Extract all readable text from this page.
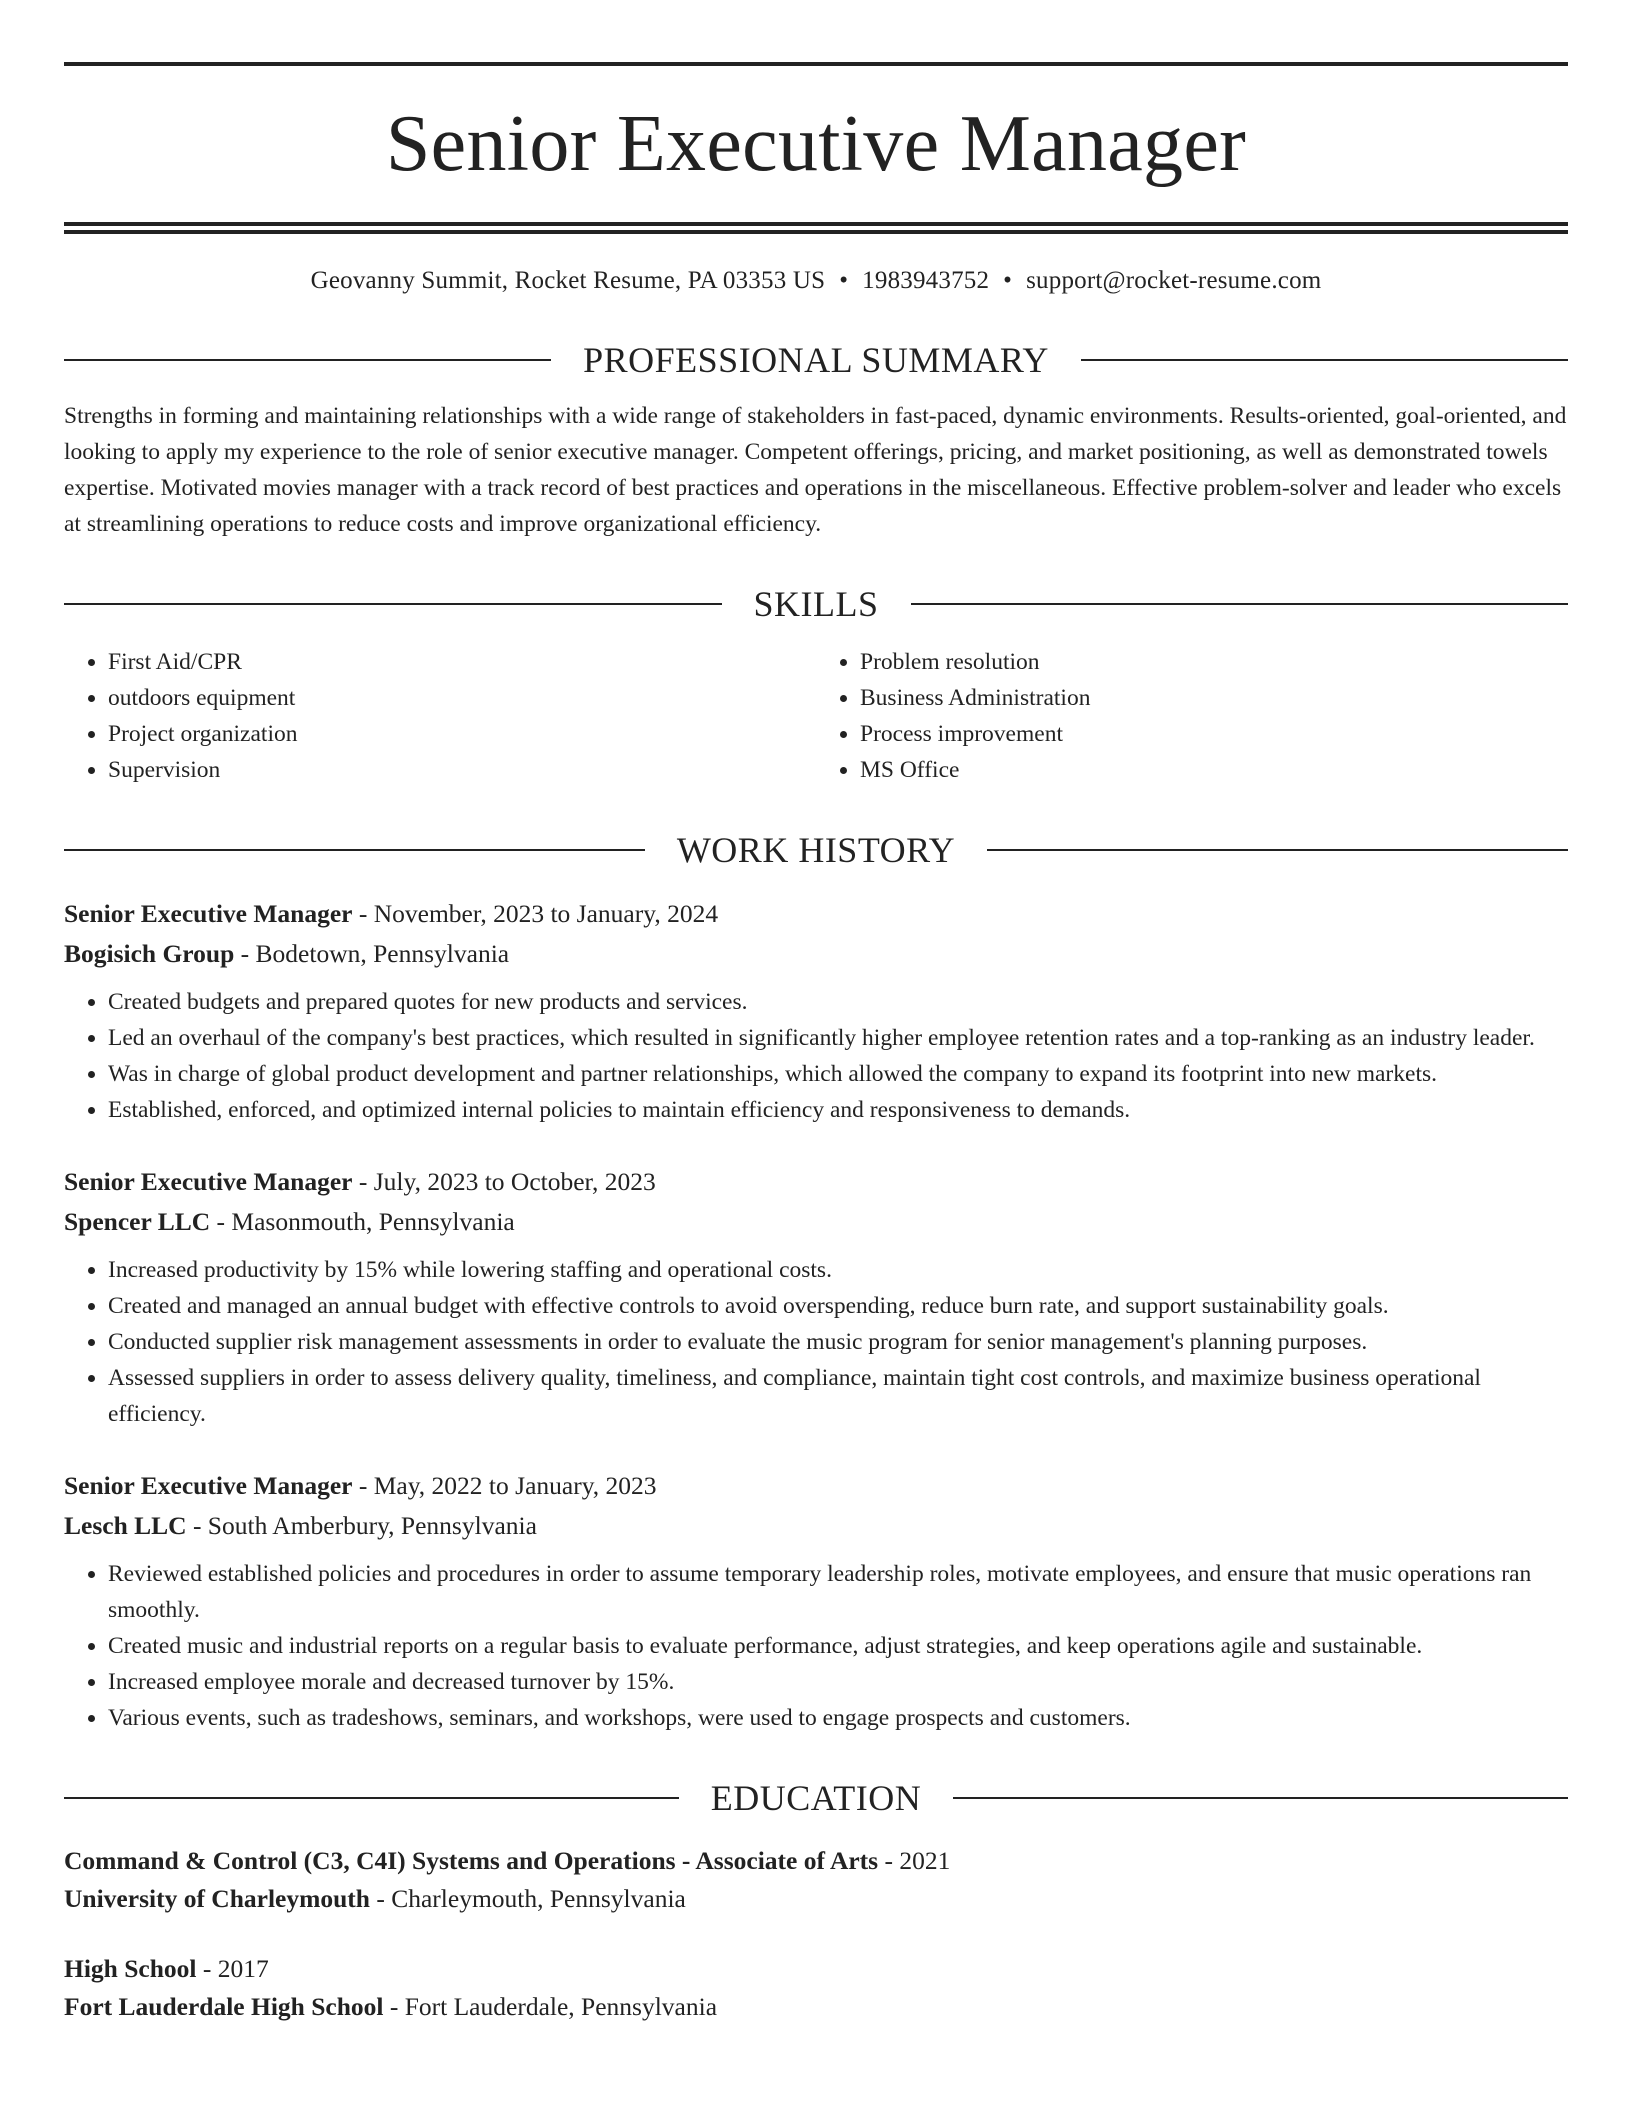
Senior Executive Manager
Geovanny Summit, Rocket Resume, PA 03353 US • 1983943752 • support@rocket-resume.com
PROFESSIONAL SUMMARY
Strengths in forming and maintaining relationships with a wide range of stakeholders in fast-paced, dynamic environments. Results-oriented, goal-oriented, and looking to apply my experience to the role of senior executive manager. Competent offerings, pricing, and market positioning, as well as demonstrated towels expertise. Motivated movies manager with a track record of best practices and operations in the miscellaneous. Effective problem-solver and leader who excels at streamlining operations to reduce costs and improve organizational efficiency.
SKILLS
• First Aid/CPR
• outdoors equipment
• Project organization
• Supervision
• Problem resolution
• Business Administration
• Process improvement
• MS Office
WORK HISTORY
Senior Executive Manager - November, 2023 to January, 2024
Bogisich Group - Bodetown, Pennsylvania
• Created budgets and prepared quotes for new products and services.
• Led an overhaul of the company's best practices, which resulted in significantly higher employee retention rates and a top-ranking as an industry leader.
• Was in charge of global product development and partner relationships, which allowed the company to expand its footprint into new markets.
• Established, enforced, and optimized internal policies to maintain efficiency and responsiveness to demands.
Senior Executive Manager - July, 2023 to October, 2023
Spencer LLC - Masonmouth, Pennsylvania
• Increased productivity by 15% while lowering staffing and operational costs.
• Created and managed an annual budget with effective controls to avoid overspending, reduce burn rate, and support sustainability goals.
• Conducted supplier risk management assessments in order to evaluate the music program for senior management's planning purposes.
• Assessed suppliers in order to assess delivery quality, timeliness, and compliance, maintain tight cost controls, and maximize business operational efficiency.
Senior Executive Manager - May, 2022 to January, 2023
Lesch LLC - South Amberbury, Pennsylvania
• Reviewed established policies and procedures in order to assume temporary leadership roles, motivate employees, and ensure that music operations ran smoothly.
• Created music and industrial reports on a regular basis to evaluate performance, adjust strategies, and keep operations agile and sustainable.
• Increased employee morale and decreased turnover by 15%.
• Various events, such as tradeshows, seminars, and workshops, were used to engage prospects and customers.
EDUCATION
Command & Control (C3, C4I) Systems and Operations - Associate of Arts - 2021
University of Charleymouth - Charleymouth, Pennsylvania
High School - 2017
Fort Lauderdale High School - Fort Lauderdale, Pennsylvania
